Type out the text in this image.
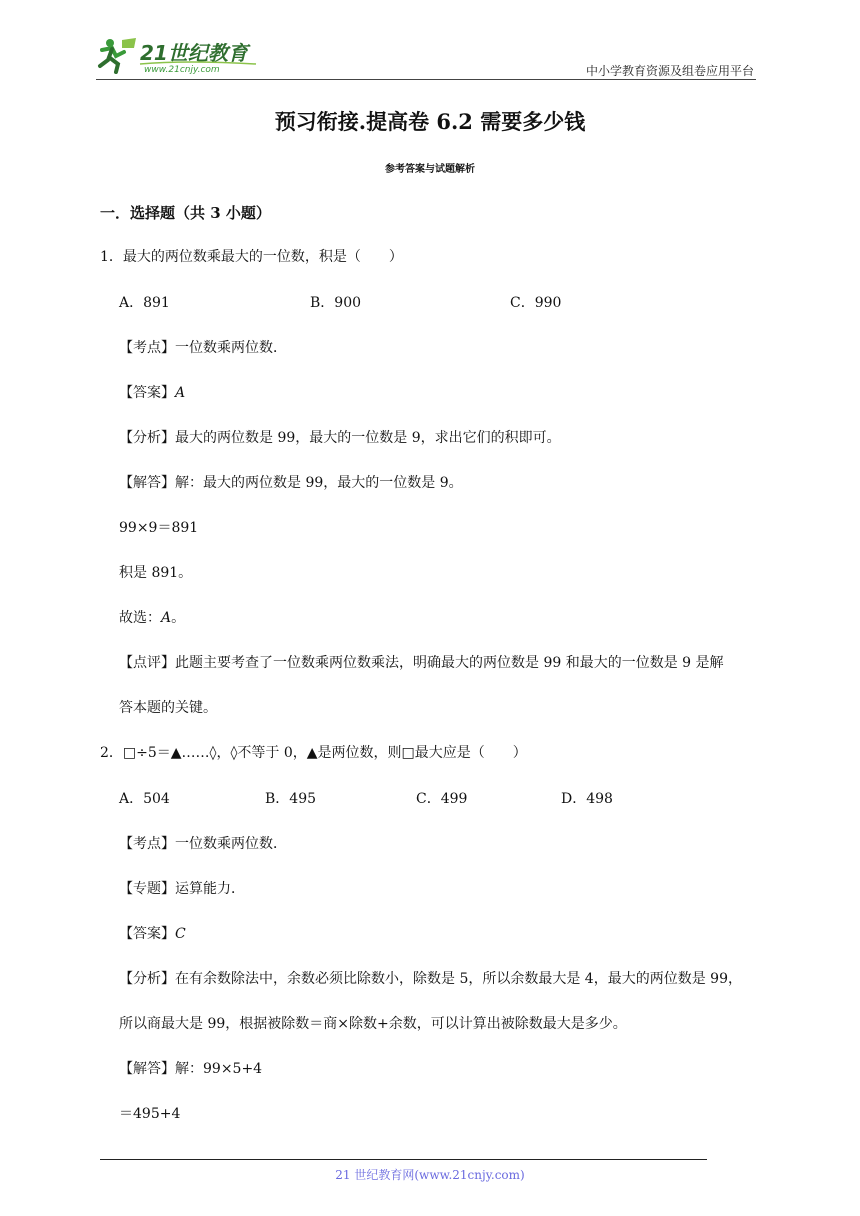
21世纪教育
www.21cnjy.com	中小学教育资源及组卷应用平台
预习衔接.提高卷 6.2 需要多少钱
参考答案与试题解析
一．选择题（共 3 小题）
1．最大的两位数乘最大的一位数，积是（　　）
A．891	B．900	C．990
【考点】一位数乘两位数．
【答案】A
【分析】最大的两位数是 99，最大的一位数是 9，求出它们的积即可。
【解答】解：最大的两位数是 99，最大的一位数是 9。
99×9＝891
积是 891。
故选：A。
【点评】此题主要考查了一位数乘两位数乘法，明确最大的两位数是 99 和最大的一位数是 9 是解
答本题的关键。
2．□÷5＝▲……◊，◊不等于 0，▲是两位数，则□最大应是（　　）
A．504	B．495	C．499	D．498
【考点】一位数乘两位数．
【专题】运算能力．
【答案】C
【分析】在有余数除法中，余数必须比除数小，除数是 5，所以余数最大是 4，最大的两位数是 99，
所以商最大是 99，根据被除数＝商×除数+余数，可以计算出被除数最大是多少。
【解答】解：99×5+4
＝495+4
21 世纪教育网(www.21cnjy.com)
